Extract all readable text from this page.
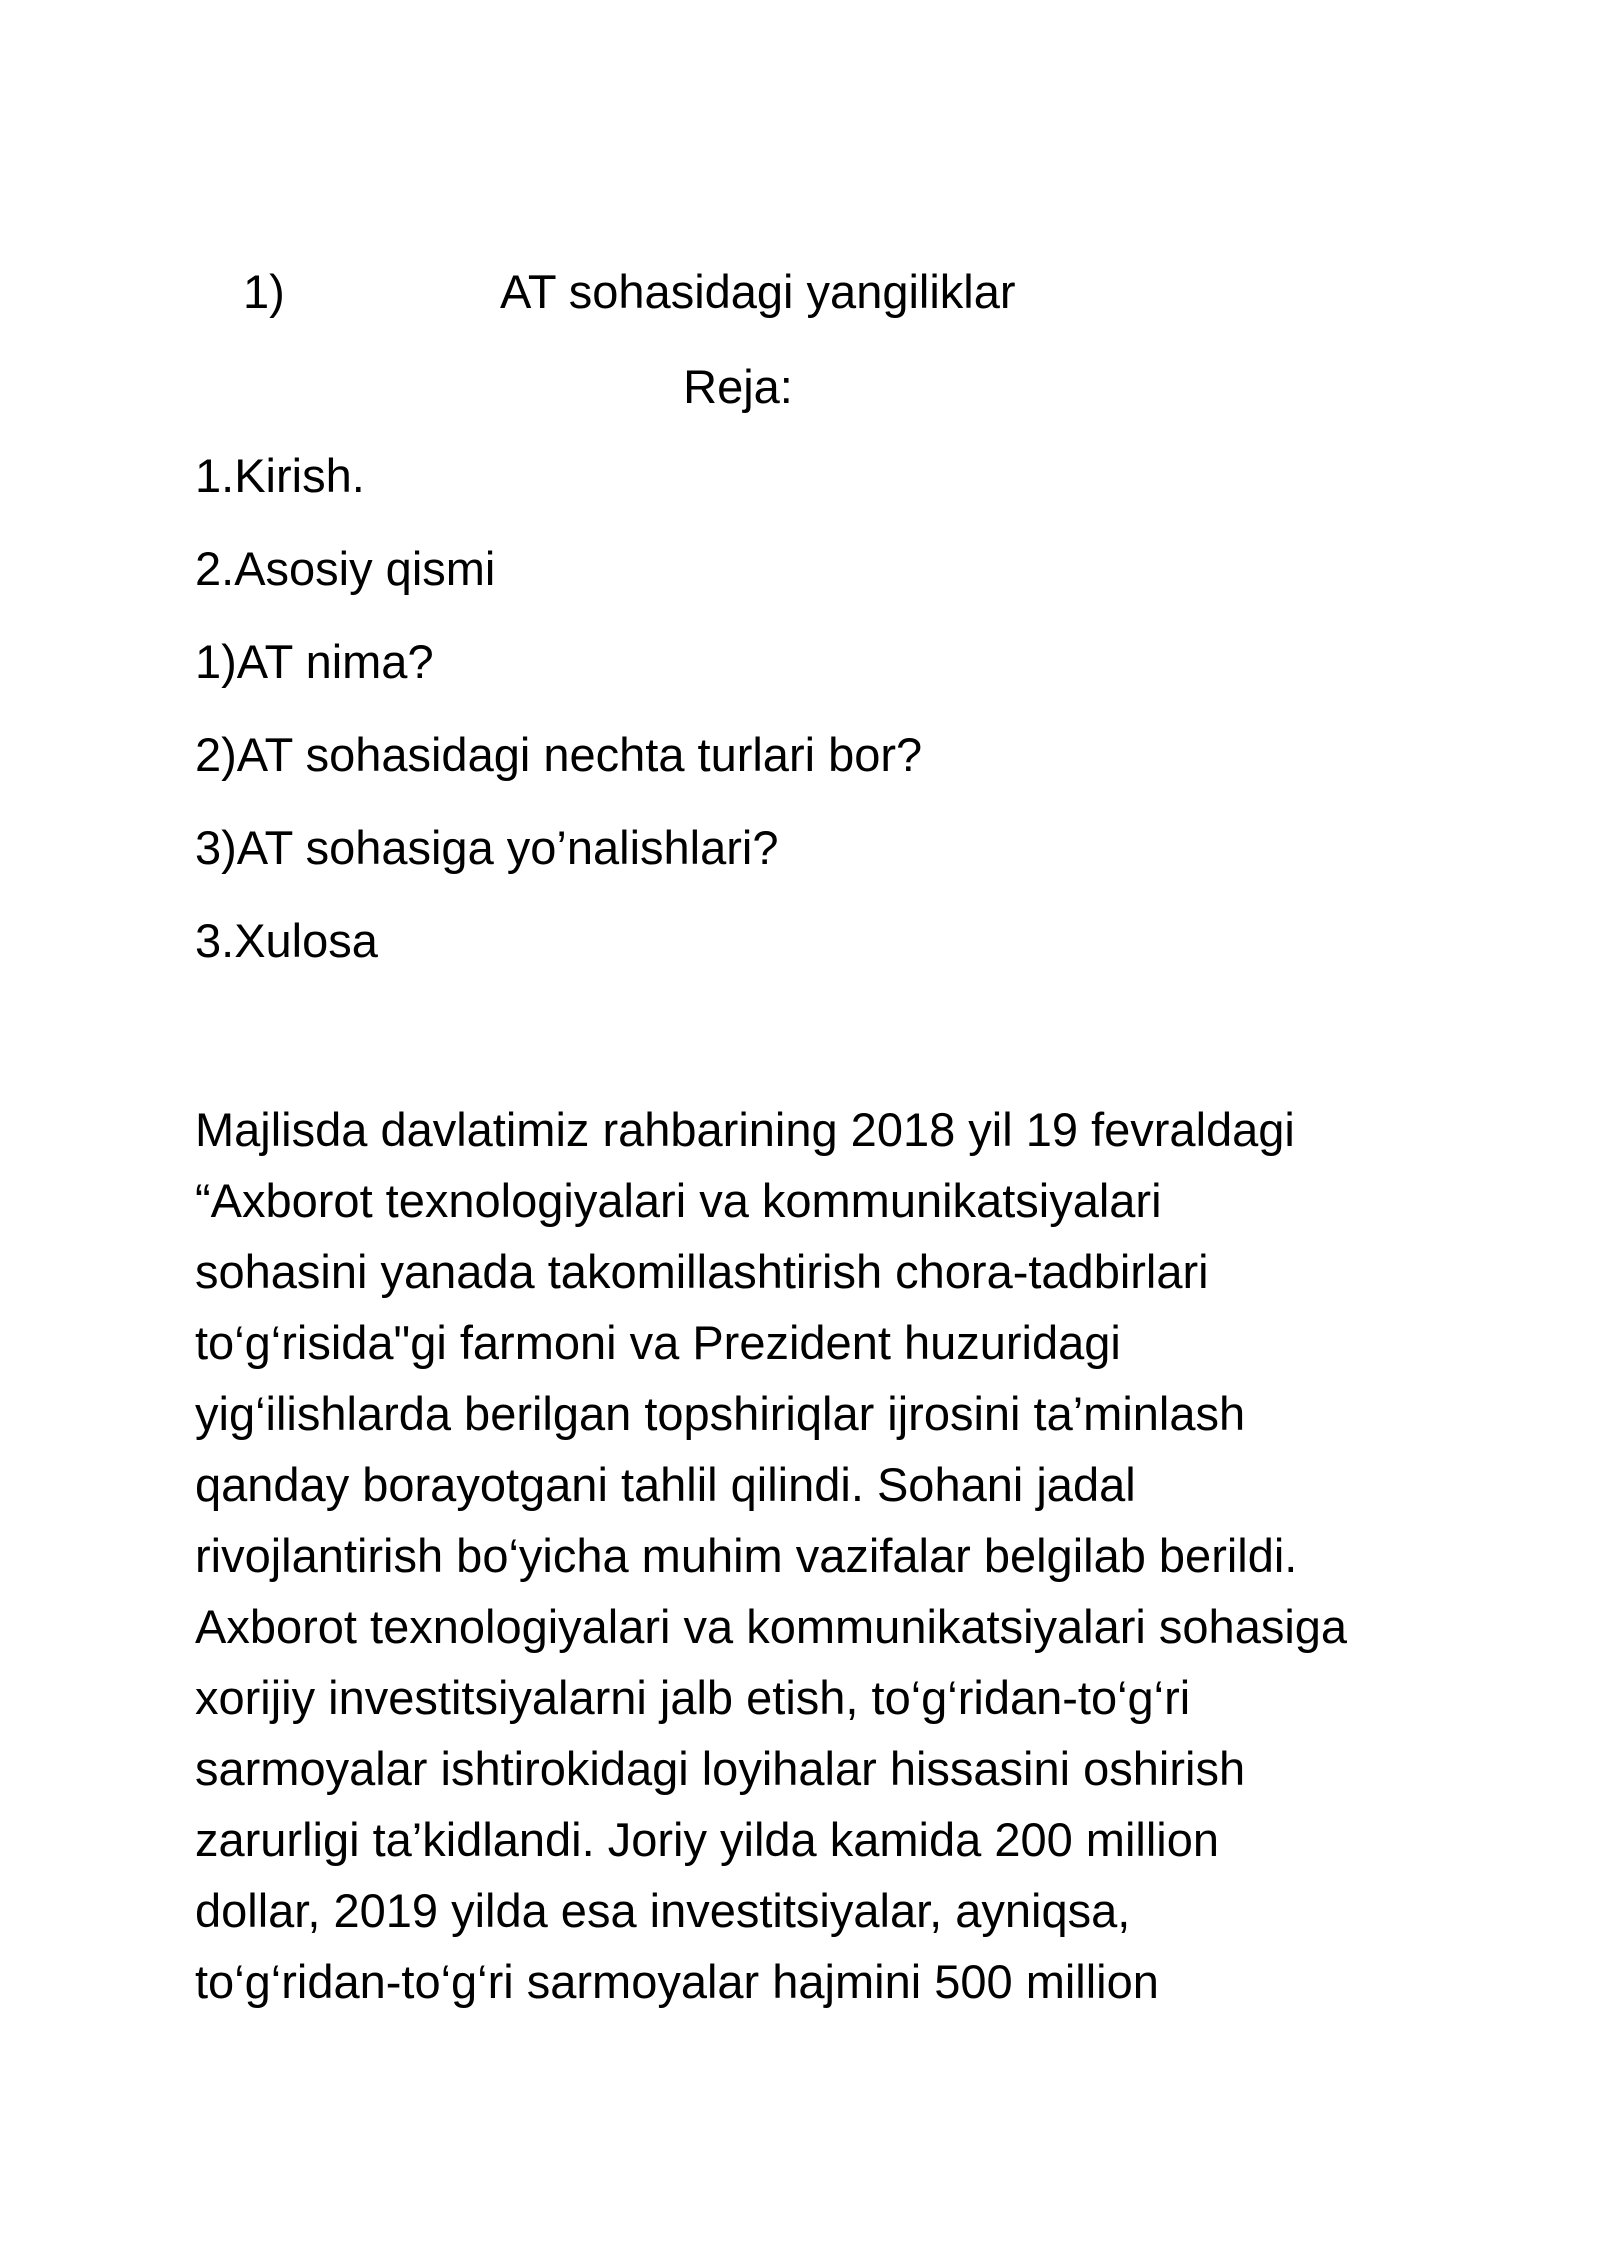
1)	AT sohasidagi yangiliklar
Reja:
1.Kirish.
2.Asosiy qismi
1)AT nima?
2)AT sohasidagi nechta turlari bor?
3)AT sohasiga yo’nalishlari?
3.Xulosa
Majlisda davlatimiz rahbarining 2018 yil 19 fevraldagi
“Axborot texnologiyalari va kommunikatsiyalari
sohasini yanada takomillashtirish chora-tadbirlari
to‘g‘risida"gi farmoni va Prezident huzuridagi
yig‘ilishlarda berilgan topshiriqlar ijrosini ta’minlash
qanday borayotgani tahlil qilindi. Sohani jadal
rivojlantirish bo‘yicha muhim vazifalar belgilab berildi.
Axborot texnologiyalari va kommunikatsiyalari sohasiga
xorijiy investitsiyalarni jalb etish, to‘g‘ridan-to‘g‘ri
sarmoyalar ishtirokidagi loyihalar hissasini oshirish
zarurligi ta’kidlandi. Joriy yilda kamida 200 million
dollar, 2019 yilda esa investitsiyalar, ayniqsa,
to‘g‘ridan-to‘g‘ri sarmoyalar hajmini 500 million
